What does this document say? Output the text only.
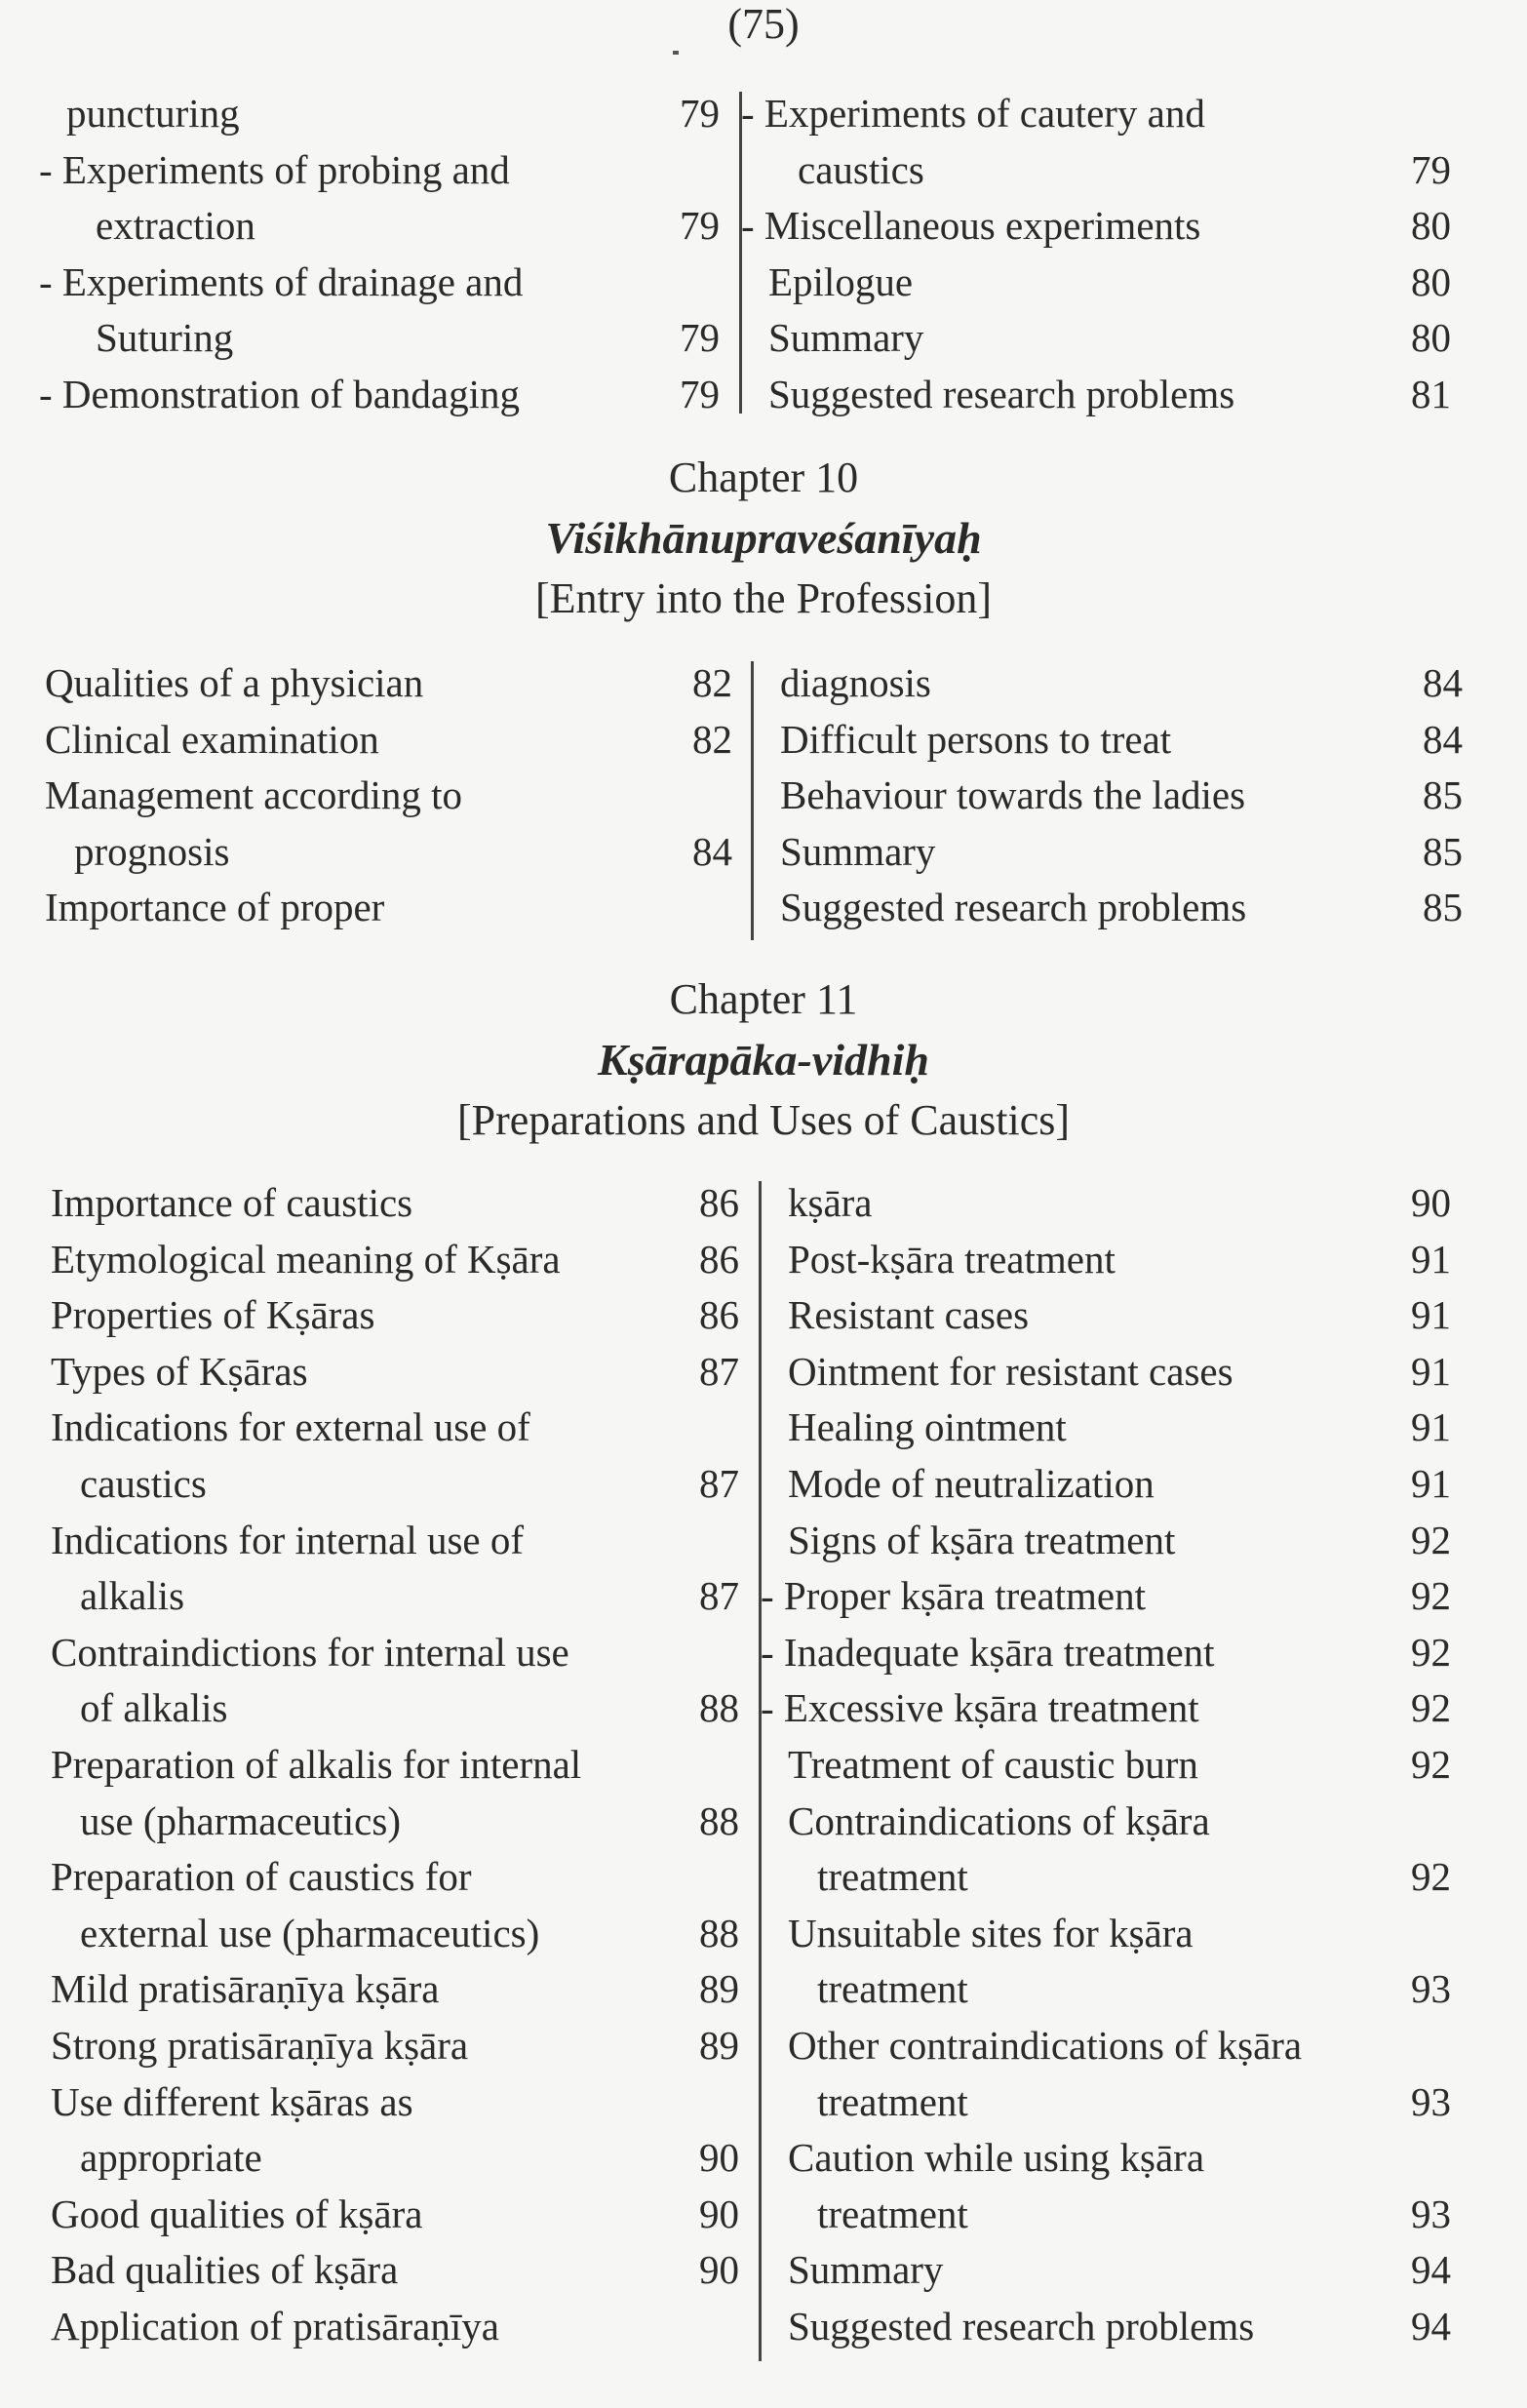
(75)
puncturing	79
- Experiments of probing and
extraction	79
- Experiments of drainage and
Suturing	79
- Demonstration of bandaging	79
- Experiments of cautery and
caustics	79
- Miscellaneous experiments	80
Epilogue	80
Summary	80
Suggested research problems	81
Chapter 10
Viśikhānupraveśanīyaḥ
[Entry into the Profession]
Qualities of a physician	82
Clinical examination	82
Management according to
prognosis	84
Importance of proper
diagnosis	84
Difficult persons to treat	84
Behaviour towards the ladies	85
Summary	85
Suggested research problems	85
Chapter 11
Kṣārapāka-vidhiḥ
[Preparations and Uses of Caustics]
Importance of caustics	86
Etymological meaning of Kṣāra	86
Properties of Kṣāras	86
Types of Kṣāras	87
Indications for external use of
caustics	87
Indications for internal use of
alkalis	87
Contraindictions for internal use
of alkalis	88
Preparation of alkalis for internal
use (pharmaceutics)	88
Preparation of caustics for
external use (pharmaceutics)	88
Mild pratisāraṇīya kṣāra	89
Strong pratisāraṇīya kṣāra	89
Use different kṣāras as
appropriate	90
Good qualities of kṣāra	90
Bad qualities of kṣāra	90
Application of pratisāraṇīya
kṣāra	90
Post-kṣāra treatment	91
Resistant cases	91
Ointment for resistant cases	91
Healing ointment	91
Mode of neutralization	91
Signs of kṣāra treatment	92
- Proper kṣāra treatment	92
- Inadequate kṣāra treatment	92
- Excessive kṣāra treatment	92
Treatment of caustic burn	92
Contraindications of kṣāra
treatment	92
Unsuitable sites for kṣāra
treatment	93
Other contraindications of kṣāra
treatment	93
Caution while using kṣāra
treatment	93
Summary	94
Suggested research problems	94
